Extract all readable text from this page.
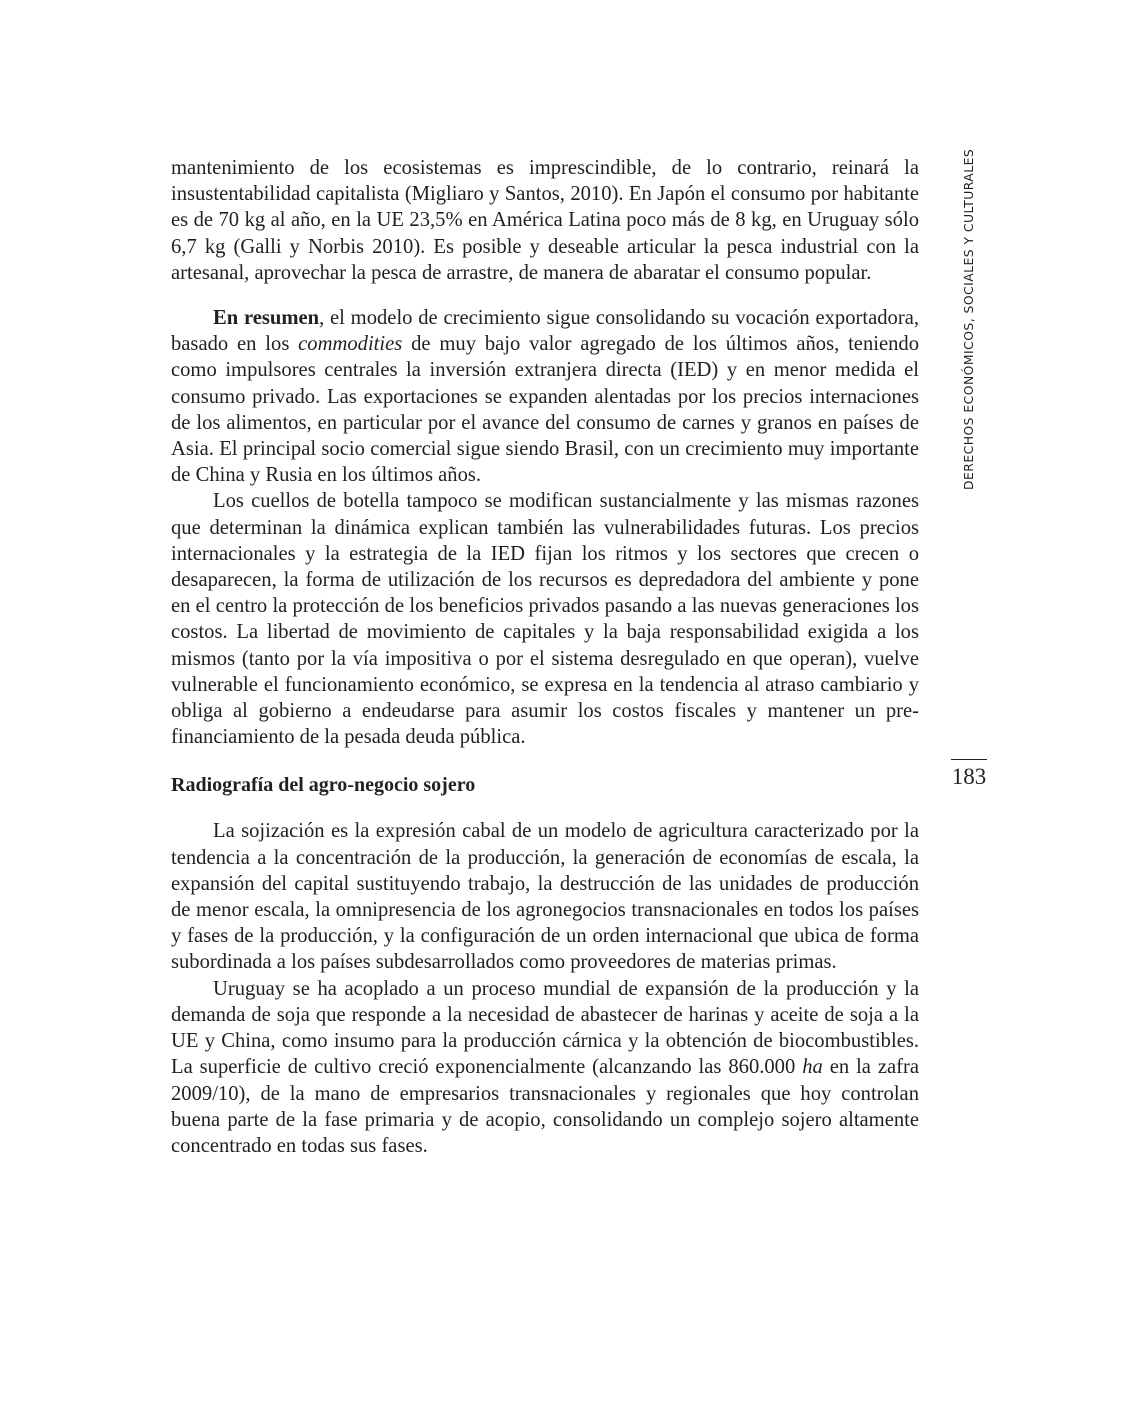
mantenimiento de los ecosistemas es imprescindible, de lo contrario, reinará la insustentabilidad capitalista (Migliaro y Santos, 2010). En Japón el consumo por habitante es de 70 kg al año, en la UE 23,5% en América Latina poco más de 8 kg, en Uruguay sólo 6,7 kg (Galli y Norbis 2010). Es posible y deseable articular la pesca industrial con la artesanal, aprovechar la pesca de arrastre, de manera de abaratar el consumo popular.

En resumen, el modelo de crecimiento sigue consolidando su vocación exportadora, basado en los commodities de muy bajo valor agregado de los últimos años, teniendo como impulsores centrales la inversión extranjera directa (IED) y en menor medida el consumo privado. Las exportaciones se expanden alentadas por los precios internaciones de los alimentos, en particular por el avance del consumo de carnes y granos en países de Asia. El principal socio comercial sigue siendo Brasil, con un crecimiento muy importante de China y Rusia en los últimos años.

Los cuellos de botella tampoco se modifican sustancialmente y las mismas razones que determinan la dinámica explican también las vulnerabilidades futuras. Los precios internacionales y la estrategia de la IED fijan los ritmos y los sectores que crecen o desaparecen, la forma de utilización de los recursos es depredadora del ambiente y pone en el centro la protección de los beneficios privados pasando a las nuevas generaciones los costos. La libertad de movimiento de capitales y la baja responsabilidad exigida a los mismos (tanto por la vía impositiva o por el sistema desregulado en que operan), vuelve vulnerable el funcionamiento económico, se expresa en la tendencia al atraso cambiario y obliga al gobierno a endeudarse para asumir los costos fiscales y mantener un pre-financiamiento de la pesada deuda pública.

Radiografía del agro-negocio sojero

La sojización es la expresión cabal de un modelo de agricultura caracterizado por la tendencia a la concentración de la producción, la generación de economías de escala, la expansión del capital sustituyendo trabajo, la destrucción de las unidades de producción de menor escala, la omnipresencia de los agronegocios transnacionales en todos los países y fases de la producción, y la configuración de un orden internacional que ubica de forma subordinada a los países subdesarrollados como proveedores de materias primas.

Uruguay se ha acoplado a un proceso mundial de expansión de la producción y la demanda de soja que responde a la necesidad de abastecer de harinas y aceite de soja a la UE y China, como insumo para la producción cárnica y la obtención de biocombustibles. La superficie de cultivo creció exponencialmente (alcanzando las 860.000 ha en la zafra 2009/10), de la mano de empresarios transnacionales y regionales que hoy controlan buena parte de la fase primaria y de acopio, consolidando un complejo sojero altamente concentrado en todas sus fases.

DERECHOS ECONÓMICOS, SOCIALES Y CULTURALES
183
